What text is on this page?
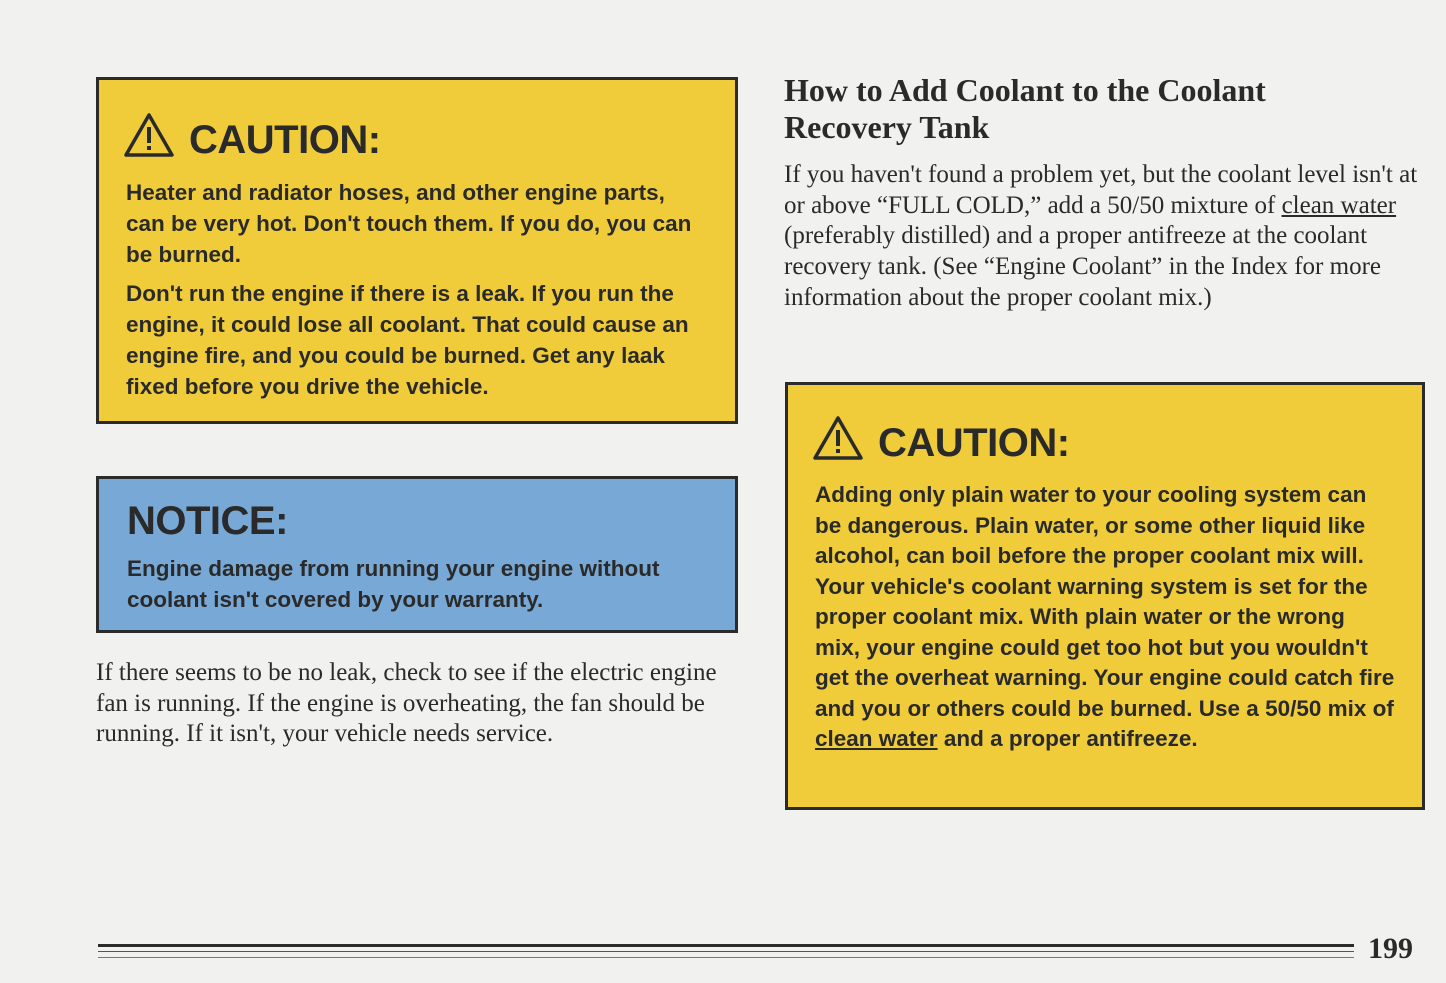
CAUTION:

Heater and radiator hoses, and other engine parts, can be very hot. Don't touch them. If you do, you can be burned.

Don't run the engine if there is a leak. If you run the engine, it could lose all coolant. That could cause an engine fire, and you could be burned. Get any laak fixed before you drive the vehicle.

NOTICE:

Engine damage from running your engine without coolant isn't covered by your warranty.

If there seems to be no leak, check to see if the electric engine fan is running. If the engine is overheating, the fan should be running. If it isn't, your vehicle needs service.

How to Add Coolant to the Coolant Recovery Tank

If you haven't found a problem yet, but the coolant level isn't at or above “FULL COLD,” add a 50/50 mixture of clean water (preferably distilled) and a proper antifreeze at the coolant recovery tank. (See “Engine Coolant” in the Index for more information about the proper coolant mix.)

CAUTION:

Adding only plain water to your cooling system can be dangerous. Plain water, or some other liquid like alcohol, can boil before the proper coolant mix will. Your vehicle's coolant warning system is set for the proper coolant mix. With plain water or the wrong mix, your engine could get too hot but you wouldn't get the overheat warning. Your engine could catch fire and you or others could be burned. Use a 50/50 mix of clean water and a proper antifreeze.

199
